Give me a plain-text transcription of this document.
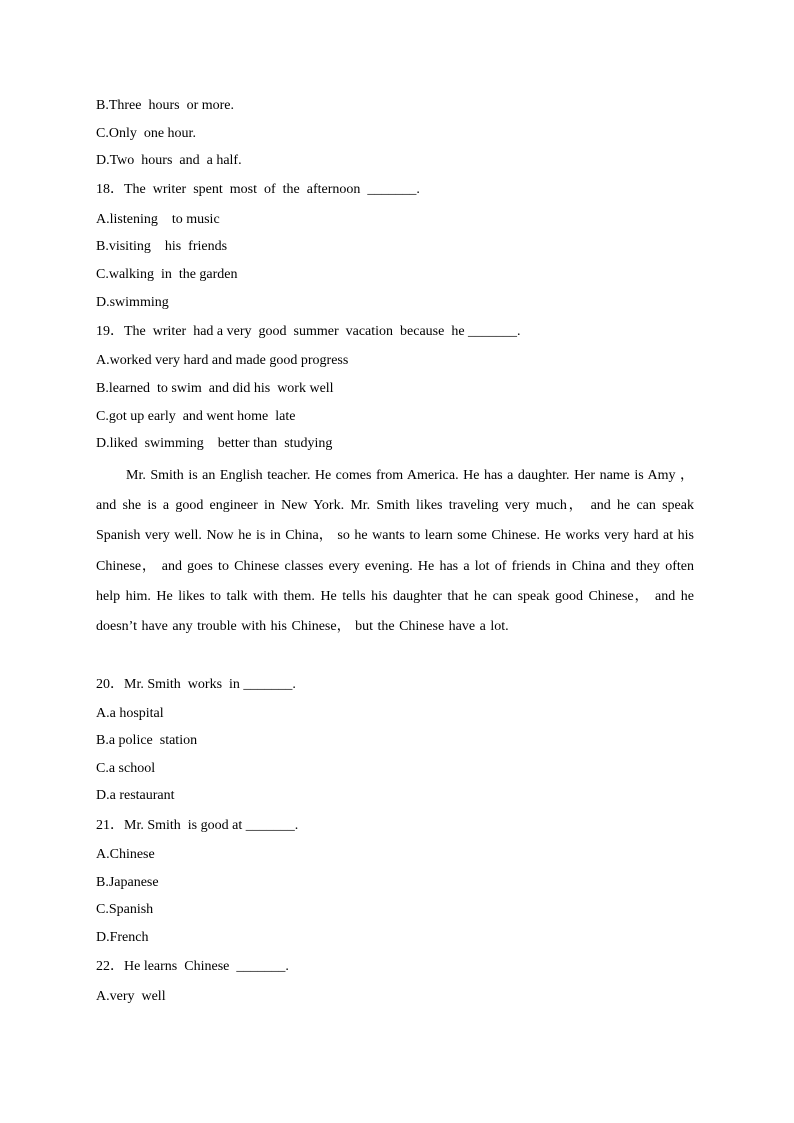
B.Three  hours  or more.
C.Only  one hour.
D.Two  hours  and  a half.
18．The  writer  spent  most  of  the  afternoon  _______.
A.listening    to music
B.visiting    his  friends
C.walking  in  the garden
D.swimming
19．The  writer  had a very  good  summer  vacation  because  he _______.
A.worked very hard and made good progress
B.learned  to swim  and did his  work well
C.got up early  and went home  late
D.liked  swimming    better than  studying

Mr. Smith is an English teacher. He comes from America. He has a daughter. Her name is Amy ， and she is a good engineer in New York. Mr. Smith likes traveling very much， and he can speak Spanish very well. Now he is in China， so he wants to learn some Chinese. He works very hard at his Chinese， and goes to Chinese classes every evening. He has a lot of friends in China and they often help him. He likes to talk with them. He tells his daughter that he can speak good Chinese， and he doesn’t have any trouble with his Chinese， but the Chinese have a lot.

20．Mr. Smith  works  in _______.
A.a hospital
B.a police  station
C.a school
D.a restaurant
21．Mr. Smith  is good at _______.
A.Chinese
B.Japanese
C.Spanish
D.French
22．He learns  Chinese  _______.
A.very  well
